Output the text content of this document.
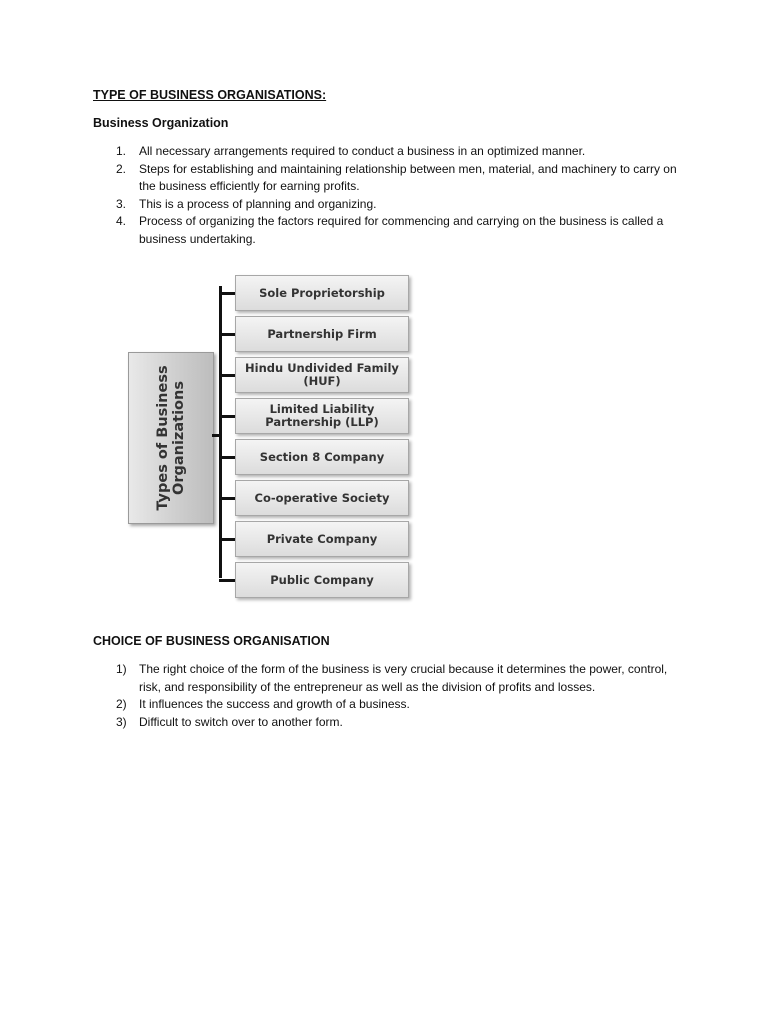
TYPE OF BUSINESS ORGANISATIONS:
Business Organization
1. All necessary arrangements required to conduct a business in an optimized manner.
2. Steps for establishing and maintaining relationship between men, material, and machinery to carry on the business efficiently for earning profits.
3. This is a process of planning and organizing.
4. Process of organizing the factors required for commencing and carrying on the business is called a business undertaking.
Types of Business Organizations
Sole Proprietorship
Partnership Firm
Hindu Undivided Family (HUF)
Limited Liability Partnership (LLP)
Section 8 Company
Co-operative Society
Private Company
Public Company
CHOICE OF BUSINESS ORGANISATION
1) The right choice of the form of the business is very crucial because it determines the power, control, risk, and responsibility of the entrepreneur as well as the division of profits and losses.
2) It influences the success and growth of a business.
3) Difficult to switch over to another form.
